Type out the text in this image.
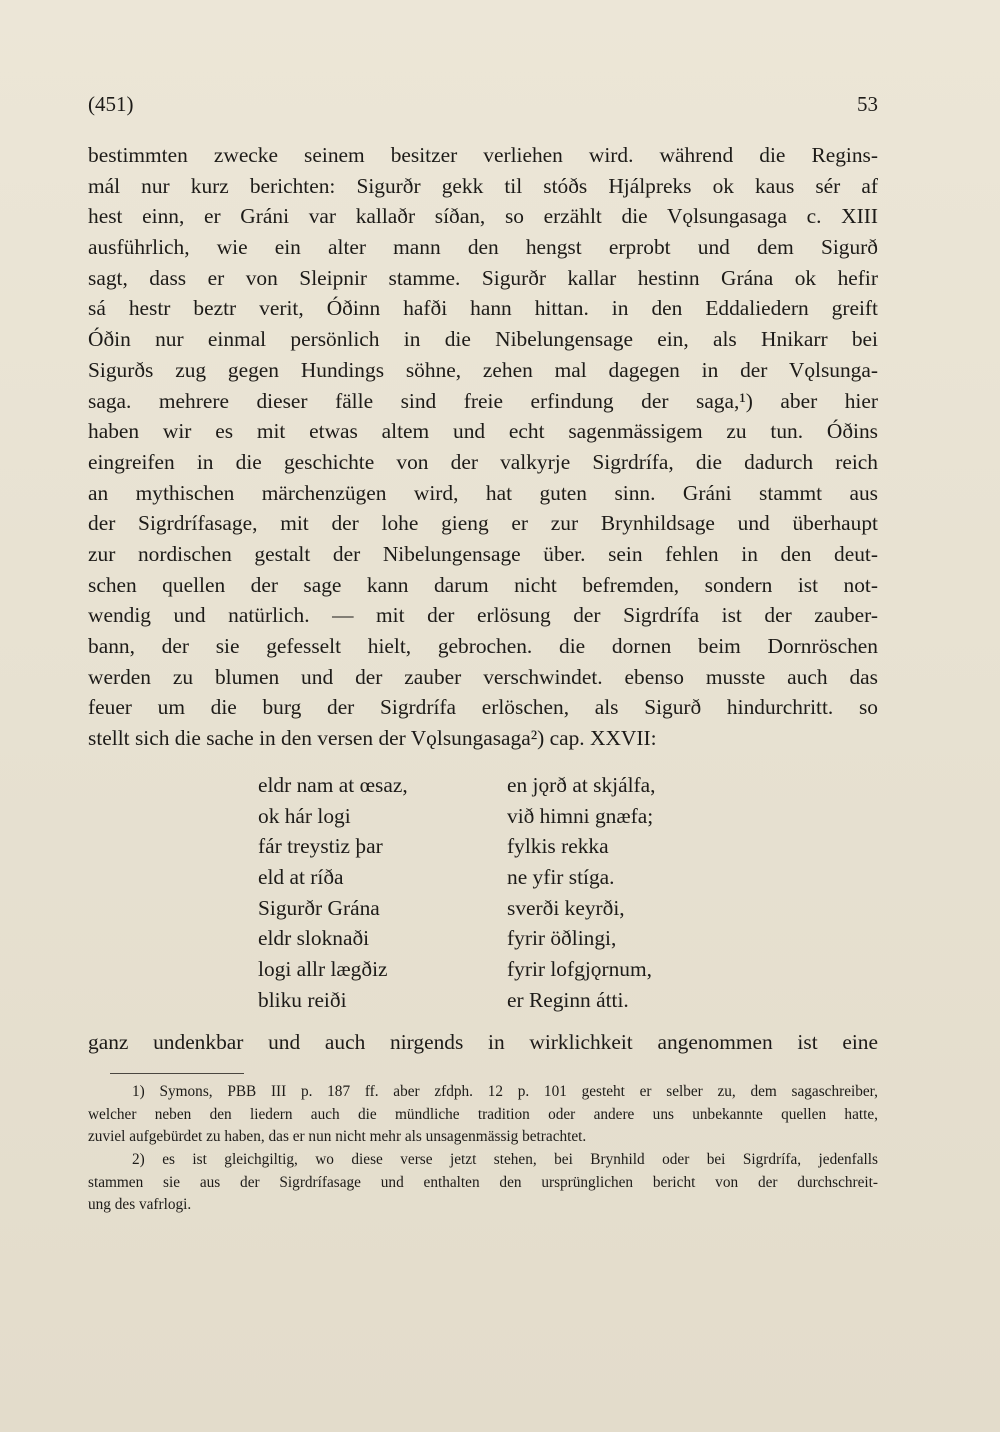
(451)	53
bestimmten zwecke seinem besitzer verliehen wird. während die Regins-
mál nur kurz berichten: Sigurðr gekk til stóðs Hjálpreks ok kaus sér af
hest einn, er Gráni var kallaðr síðan, so erzählt die Vǫlsungasaga c. XIII
ausführlich, wie ein alter mann den hengst erprobt und dem Sigurð
sagt, dass er von Sleipnir stamme. Sigurðr kallar hestinn Grána ok hefir
sá hestr beztr verit, Óðinn hafði hann hittan. in den Eddaliedern greift
Óðin nur einmal persönlich in die Nibelungensage ein, als Hnikarr bei
Sigurðs zug gegen Hundings söhne, zehen mal dagegen in der Vǫlsunga-
saga. mehrere dieser fälle sind freie erfindung der saga,¹) aber hier
haben wir es mit etwas altem und echt sagenmässigem zu tun. Óðins
eingreifen in die geschichte von der valkyrje Sigrdrífa, die dadurch reich
an mythischen märchenzügen wird, hat guten sinn. Gráni stammt aus
der Sigrdrífasage, mit der lohe gieng er zur Brynhildsage und überhaupt
zur nordischen gestalt der Nibelungensage über. sein fehlen in den deut-
schen quellen der sage kann darum nicht befremden, sondern ist not-
wendig und natürlich. — mit der erlösung der Sigrdrífa ist der zauber-
bann, der sie gefesselt hielt, gebrochen. die dornen beim Dornröschen
werden zu blumen und der zauber verschwindet. ebenso musste auch das
feuer um die burg der Sigrdrífa erlöschen, als Sigurð hindurchritt. so
stellt sich die sache in den versen der Vǫlsungasaga²) cap. XXVII:
eldr nam at œsaz,
ok hár logi
fár treystiz þar
eld at ríða
Sigurðr Grána
eldr sloknaði
logi allr lægðiz
bliku reiði
en jǫrð at skjálfa,
við himni gnæfa;
fylkis rekka
ne yfir stíga.
sverði keyrði,
fyrir öðlingi,
fyrir lofgjǫrnum,
er Reginn átti.
ganz undenkbar und auch nirgends in wirklichkeit angenommen ist eine
1) Symons, PBB III p. 187 ff. aber zfdph. 12 p. 101 gesteht er selber zu, dem sagaschreiber,
welcher neben den liedern auch die mündliche tradition oder andere uns unbekannte quellen hatte,
zuviel aufgebürdet zu haben, das er nun nicht mehr als unsagenmässig betrachtet.
2) es ist gleichgiltig, wo diese verse jetzt stehen, bei Brynhild oder bei Sigrdrífa, jedenfalls
stammen sie aus der Sigrdrífasage und enthalten den ursprünglichen bericht von der durchschreit-
ung des vafrlogi.
